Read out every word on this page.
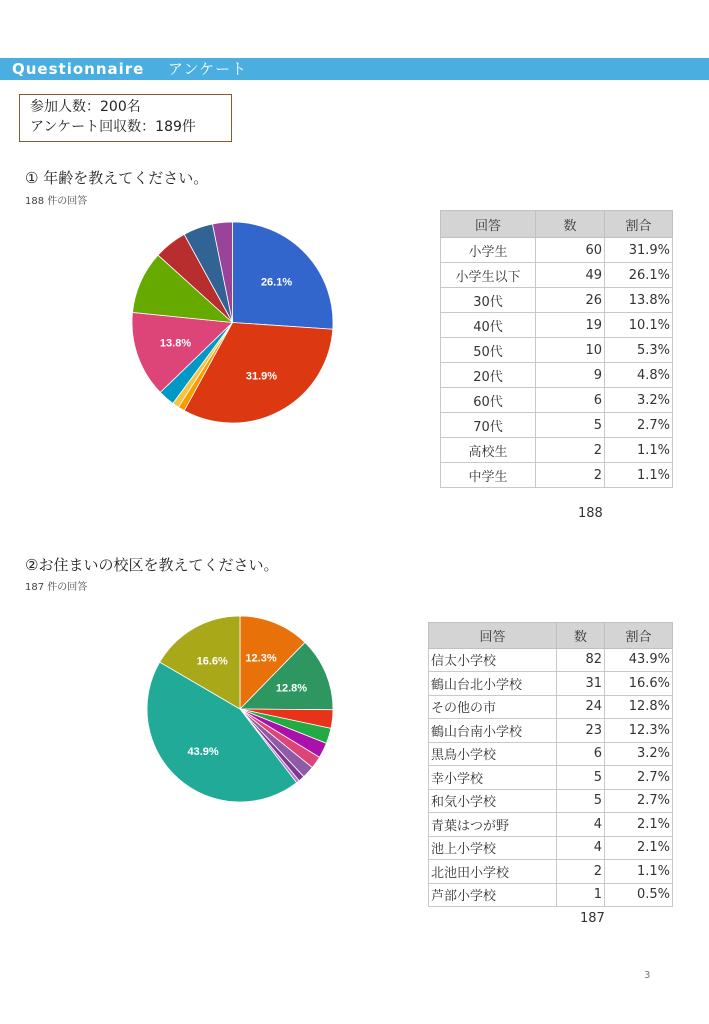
Questionnaire アンケート
参加人数：200名
アンケート回収数：189件
① 年齢を教えてください。
188 件の回答
26.1%
31.9%
13.8%
回答	数	割合
小学生	60	31.9%
小学生以下	49	26.1%
30代	26	13.8%
40代	19	10.1%
50代	10	5.3%
20代	9	4.8%
60代	6	3.2%
70代	5	2.7%
高校生	2	1.1%
中学生	2	1.1%
188
②お住まいの校区を教えてください。
187 件の回答
12.3%
12.8%
43.9%
16.6%
回答	数	割合
信太小学校	82	43.9%
鶴山台北小学校	31	16.6%
その他の市	24	12.8%
鶴山台南小学校	23	12.3%
黒鳥小学校	6	3.2%
幸小学校	5	2.7%
和気小学校	5	2.7%
青葉はつが野	4	2.1%
池上小学校	4	2.1%
北池田小学校	2	1.1%
芦部小学校	1	0.5%
187
3
